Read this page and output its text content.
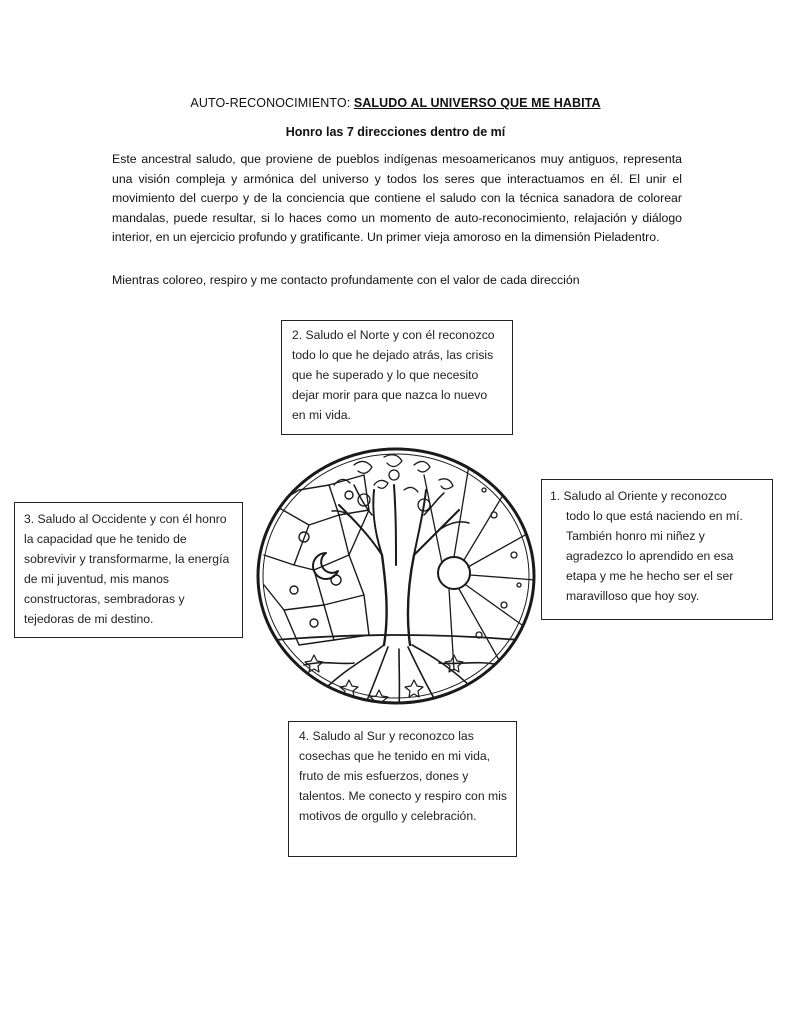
AUTO-RECONOCIMIENTO: SALUDO AL UNIVERSO QUE ME HABITA
Honro las 7 direcciones dentro de mí
Este ancestral saludo, que proviene de pueblos indígenas mesoamericanos muy antiguos, representa una visión compleja y armónica del universo y todos los seres que interactuamos en él. El unir el movimiento del cuerpo y de la conciencia que contiene el saludo con la técnica sanadora de colorear mandalas, puede resultar, si lo haces como un momento de auto-reconocimiento, relajación y diálogo interior, en un ejercicio profundo y gratificante. Un primer vieja amoroso en la dimensión Pieladentro.
Mientras coloreo, respiro y me contacto profundamente con el valor de cada dirección

2. Saludo el Norte y con él reconozco todo lo que he dejado atrás, las crisis que he superado y lo que necesito dejar morir para que nazca lo nuevo en mi vida.

1. Saludo al Oriente y reconozco

todo lo que está naciendo en mí. También honro mi niñez y agradezco lo aprendido en esa etapa y me he hecho ser el ser maravilloso que hoy soy.

3. Saludo al Occidente y con él honro la capacidad que he tenido de sobrevivir y transformarme, la energía de mi juventud, mis manos constructoras, sembradoras y tejedoras de mi destino.

4. Saludo al Sur y reconozco las cosechas que he tenido en mi vida, fruto de mis esfuerzos, dones y talentos. Me conecto y respiro con mis motivos de orgullo y celebración.
